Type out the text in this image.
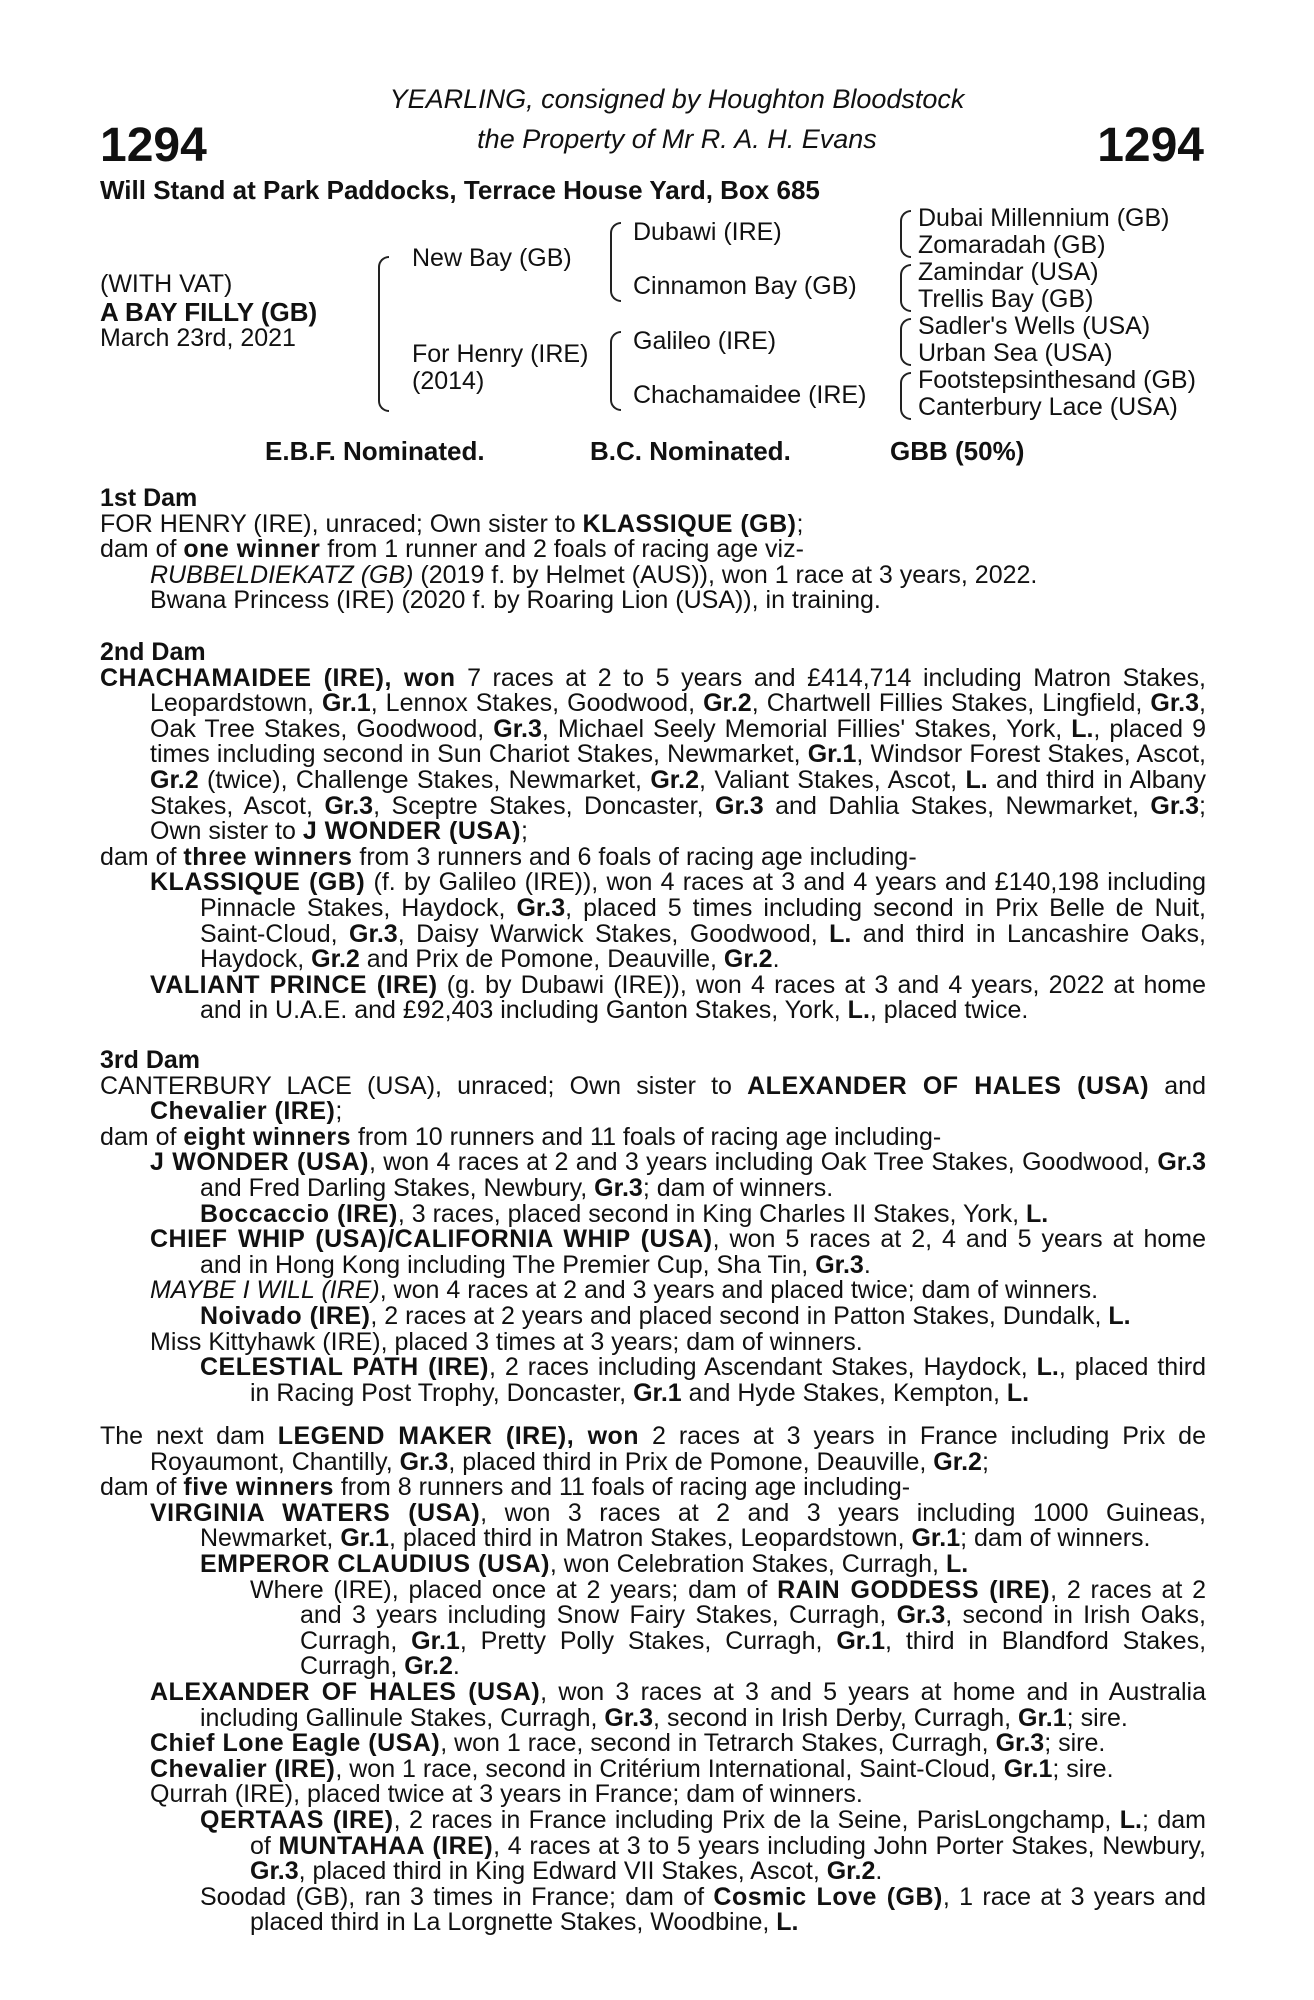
1294	1294
YEARLING, consigned by Houghton Bloodstock
the Property of Mr R. A. H. Evans
Will Stand at Park Paddocks, Terrace House Yard, Box 685
(WITH VAT)
A BAY FILLY (GB)
March 23rd, 2021
New Bay (GB)
For Henry (IRE)
(2014)
Dubawi (IRE)
Cinnamon Bay (GB)
Galileo (IRE)
Chachamaidee (IRE)
Dubai Millennium (GB)
Zomaradah (GB)
Zamindar (USA)
Trellis Bay (GB)
Sadler's Wells (USA)
Urban Sea (USA)
Footstepsinthesand (GB)
Canterbury Lace (USA)
E.B.F. Nominated.	B.C. Nominated.	GBB (50%)
1st Dam
FOR HENRY (IRE), unraced; Own sister to KLASSIQUE (GB);
dam of one winner from 1 runner and 2 foals of racing age viz-
RUBBELDIEKATZ (GB) (2019 f. by Helmet (AUS)), won 1 race at 3 years, 2022.
Bwana Princess (IRE) (2020 f. by Roaring Lion (USA)), in training.
2nd Dam
CHACHAMAIDEE (IRE), won 7 races at 2 to 5 years and £414,714 including Matron Stakes, Leopardstown, Gr.1, Lennox Stakes, Goodwood, Gr.2, Chartwell Fillies Stakes, Lingfield, Gr.3, Oak Tree Stakes, Goodwood, Gr.3, Michael Seely Memorial Fillies' Stakes, York, L., placed 9 times including second in Sun Chariot Stakes, Newmarket, Gr.1, Windsor Forest Stakes, Ascot, Gr.2 (twice), Challenge Stakes, Newmarket, Gr.2, Valiant Stakes, Ascot, L. and third in Albany Stakes, Ascot, Gr.3, Sceptre Stakes, Doncaster, Gr.3 and Dahlia Stakes, Newmarket, Gr.3; Own sister to J WONDER (USA);
dam of three winners from 3 runners and 6 foals of racing age including-
KLASSIQUE (GB) (f. by Galileo (IRE)), won 4 races at 3 and 4 years and £140,198 including Pinnacle Stakes, Haydock, Gr.3, placed 5 times including second in Prix Belle de Nuit, Saint-Cloud, Gr.3, Daisy Warwick Stakes, Goodwood, L. and third in Lancashire Oaks, Haydock, Gr.2 and Prix de Pomone, Deauville, Gr.2.
VALIANT PRINCE (IRE) (g. by Dubawi (IRE)), won 4 races at 3 and 4 years, 2022 at home and in U.A.E. and £92,403 including Ganton Stakes, York, L., placed twice.
3rd Dam
CANTERBURY LACE (USA), unraced; Own sister to ALEXANDER OF HALES (USA) and Chevalier (IRE);
dam of eight winners from 10 runners and 11 foals of racing age including-
J WONDER (USA), won 4 races at 2 and 3 years including Oak Tree Stakes, Goodwood, Gr.3 and Fred Darling Stakes, Newbury, Gr.3; dam of winners.
Boccaccio (IRE), 3 races, placed second in King Charles II Stakes, York, L.
CHIEF WHIP (USA)/CALIFORNIA WHIP (USA), won 5 races at 2, 4 and 5 years at home and in Hong Kong including The Premier Cup, Sha Tin, Gr.3.
MAYBE I WILL (IRE), won 4 races at 2 and 3 years and placed twice; dam of winners.
Noivado (IRE), 2 races at 2 years and placed second in Patton Stakes, Dundalk, L.
Miss Kittyhawk (IRE), placed 3 times at 3 years; dam of winners.
CELESTIAL PATH (IRE), 2 races including Ascendant Stakes, Haydock, L., placed third in Racing Post Trophy, Doncaster, Gr.1 and Hyde Stakes, Kempton, L.
The next dam LEGEND MAKER (IRE), won 2 races at 3 years in France including Prix de Royaumont, Chantilly, Gr.3, placed third in Prix de Pomone, Deauville, Gr.2;
dam of five winners from 8 runners and 11 foals of racing age including-
VIRGINIA WATERS (USA), won 3 races at 2 and 3 years including 1000 Guineas, Newmarket, Gr.1, placed third in Matron Stakes, Leopardstown, Gr.1; dam of winners.
EMPEROR CLAUDIUS (USA), won Celebration Stakes, Curragh, L.
Where (IRE), placed once at 2 years; dam of RAIN GODDESS (IRE), 2 races at 2 and 3 years including Snow Fairy Stakes, Curragh, Gr.3, second in Irish Oaks, Curragh, Gr.1, Pretty Polly Stakes, Curragh, Gr.1, third in Blandford Stakes, Curragh, Gr.2.
ALEXANDER OF HALES (USA), won 3 races at 3 and 5 years at home and in Australia including Gallinule Stakes, Curragh, Gr.3, second in Irish Derby, Curragh, Gr.1; sire.
Chief Lone Eagle (USA), won 1 race, second in Tetrarch Stakes, Curragh, Gr.3; sire.
Chevalier (IRE), won 1 race, second in Critérium International, Saint-Cloud, Gr.1; sire.
Qurrah (IRE), placed twice at 3 years in France; dam of winners.
QERTAAS (IRE), 2 races in France including Prix de la Seine, ParisLongchamp, L.; dam of MUNTAHAA (IRE), 4 races at 3 to 5 years including John Porter Stakes, Newbury, Gr.3, placed third in King Edward VII Stakes, Ascot, Gr.2.
Soodad (GB), ran 3 times in France; dam of Cosmic Love (GB), 1 race at 3 years and placed third in La Lorgnette Stakes, Woodbine, L.
